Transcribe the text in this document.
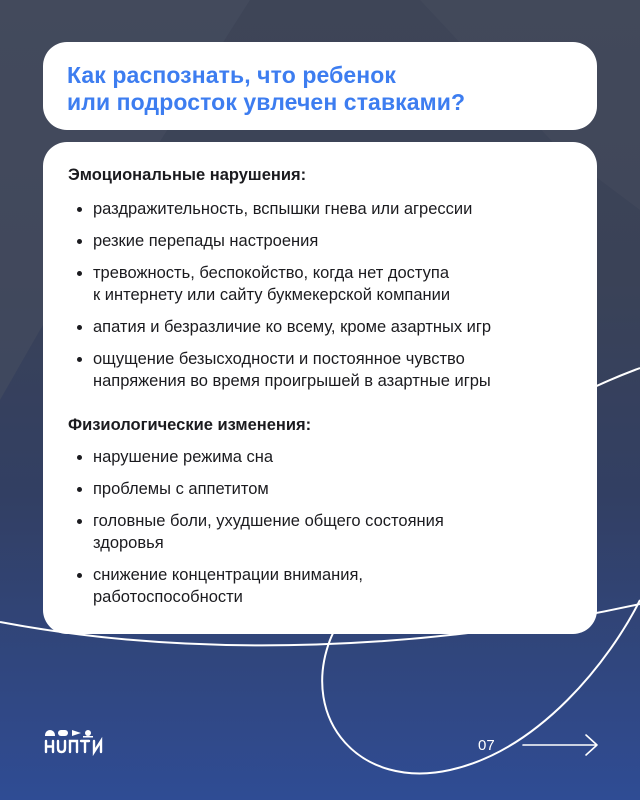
Как распознать, что ребенок
или подросток увлечен ставками?

Эмоциональные нарушения:

раздражительность, вспышки гнева или агрессии
резкие перепады настроения
тревожность, беспокойство, когда нет доступа
к интернету или сайту букмекерской компании
апатия и безразличие ко всему, кроме азартных игр
ощущение безысходности и постоянное чувство
напряжения во время проигрышей в азартные игры

Физиологические изменения:

нарушение режима сна
проблемы с аппетитом
головные боли, ухудшение общего состояния
здоровья
снижение концентрации внимания,
работоспособности
07
